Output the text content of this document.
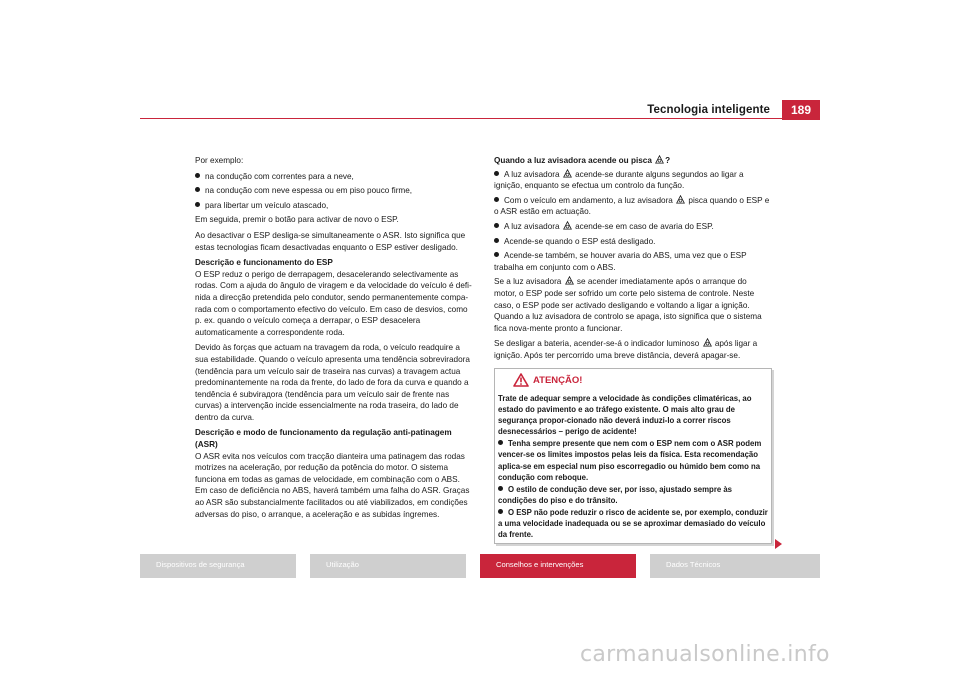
Tecnologia inteligente	189

Por exemplo:

na condução com correntes para a neve,
na condução com neve espessa ou em piso pouco firme,
para libertar um veículo atascado,

Em seguida, premir o botão para activar de novo o ESP.

Ao desactivar o ESP desliga-se simultaneamente o ASR. Isto significa que estas tecnologias ficam desactivadas enquanto o ESP estiver desligado.

Descrição e funcionamento do ESP

O ESP reduz o perigo de derrapagem, desacelerando selectivamente as rodas. Com a ajuda do ângulo de viragem e da velocidade do veículo é defi-nida a direcção pretendida pelo condutor, sendo permanentemente compa-rada com o comportamento efectivo do veículo. Em caso de desvios, como p. ex. quando o veículo começa a derrapar, o ESP desacelera automaticamente a correspondente roda.

Devido às forças que actuam na travagem da roda, o veículo readquire a sua estabilidade. Quando o veículo apresenta uma tendência sobreviradora (tendência para um veículo sair de traseira nas curvas) a travagem actua predominantemente na roda da frente, do lado de fora da curva e quando a tendência é subvirадora (tendência para um veículo sair de frente nas curvas) a intervenção incide essencialmente na roda traseira, do lado de dentro da curva.

Descrição e modo de funcionamento da regulação anti-patinagem (ASR)

O ASR evita nos veículos com tracção dianteira uma patinagem das rodas motrizes na aceleração, por redução da potência do motor. O sistema funciona em todas as gamas de velocidade, em combinação com o ABS. Em caso de deficiência no ABS, haverá também uma falha do ASR. Graças ao ASR são substancialmente facilitados ou até viabilizados, em condições adversas do piso, o arranque, a aceleração e as subidas íngremes.

Quando a luz avisadora acende ou pisca ?

A luz avisadora  acende-se durante alguns segundos ao ligar a ignição, enquanto se efectua um controlo da função.
Com o veículo em andamento, a luz avisadora  pisca quando o ESP e o ASR estão em actuação.
A luz avisadora  acende-se em caso de avaria do ESP.
Acende-se quando o ESP está desligado.
Acende-se também, se houver avaria do ABS, uma vez que o ESP trabalha em conjunto com o ABS.

Se a luz avisadora  se acender imediatamente após o arranque do motor, o ESP pode ser sofrido um corte pelo sistema de controle. Neste caso, o ESP pode ser activado desligando e voltando a ligar a ignição. Quando a luz avisadora de controlo se apaga, isto significa que o sistema fica nova-mente pronto a funcionar.

Se desligar a bateria, acender-se-á o indicador luminoso  após ligar a ignição. Após ter percorrido uma breve distância, deverá apagar-se.

ATENÇÃO!

Trate de adequar sempre a velocidade às condições climatéricas, ao estado do pavimento e ao tráfego existente. O mais alto grau de segurança propor-cionado não deverá induzi-lo a correr riscos desnecessários – perigo de acidente!

Tenha sempre presente que nem com o ESP nem com o ASR podem vencer-se os limites impostos pelas leis da física. Esta recomendação aplica-se em especial num piso escorregadio ou húmido bem como na condução com reboque.

O estilo de condução deve ser, por isso, ajustado sempre às condições do piso e do trânsito.

O ESP não pode reduzir o risco de acidente se, por exemplo, conduzir a uma velocidade inadequada ou se se aproximar demasiado do veículo da frente.

Dispositivos de segurança	Utilização	Conselhos e intervenções	Dados Técnicos
carmanualsonline.info
